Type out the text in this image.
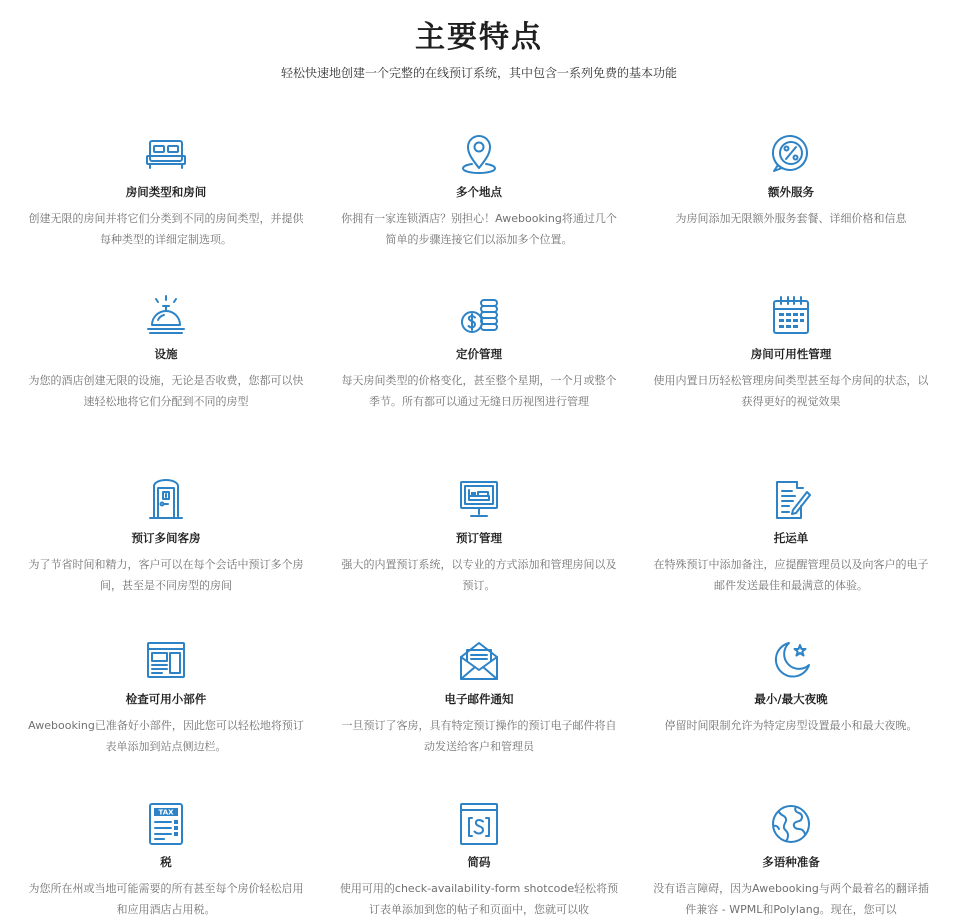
主要特点
轻松快速地创建一个完整的在线预订系统，其中包含一系列免费的基本功能
房间类型和房间
创建无限的房间并将它们分类到不同的房间类型，并提供每种类型的详细定制选项。
多个地点
你拥有一家连锁酒店？别担心！Awebooking将通过几个简单的步骤连接它们以添加多个位置。
额外服务
为房间添加无限额外服务套餐、详细价格和信息
设施
为您的酒店创建无限的设施，无论是否收费，您都可以快速轻松地将它们分配到不同的房型
定价管理
每天房间类型的价格变化，甚至整个星期，一个月或整个季节。所有都可以通过无缝日历视图进行管理
房间可用性管理
使用内置日历轻松管理房间类型甚至每个房间的状态，以获得更好的视觉效果
预订多间客房
为了节省时间和精力，客户可以在每个会话中预订多个房间，甚至是不同房型的房间
预订管理
强大的内置预订系统，以专业的方式添加和管理房间以及预订。
托运单
在特殊预订中添加备注，应提醒管理员以及向客户的电子邮件发送最佳和最满意的体验。
检查可用小部件
Awebooking已准备好小部件，因此您可以轻松地将预订表单添加到站点侧边栏。
电子邮件通知
一旦预订了客房，具有特定预订操作的预订电子邮件将自动发送给客户和管理员
最小/最大夜晚
停留时间限制允许为特定房型设置最小和最大夜晚。
TAX
税
为您所在州或当地可能需要的所有甚至每个房价轻松启用和应用酒店占用税。
简码
使用可用的check-availability-form shotcode轻松将预订表单添加到您的帖子和页面中，您就可以收
多语种准备
没有语言障碍，因为Awebooking与两个最着名的翻译插件兼容 - WPML和Polylang。现在，您可以
